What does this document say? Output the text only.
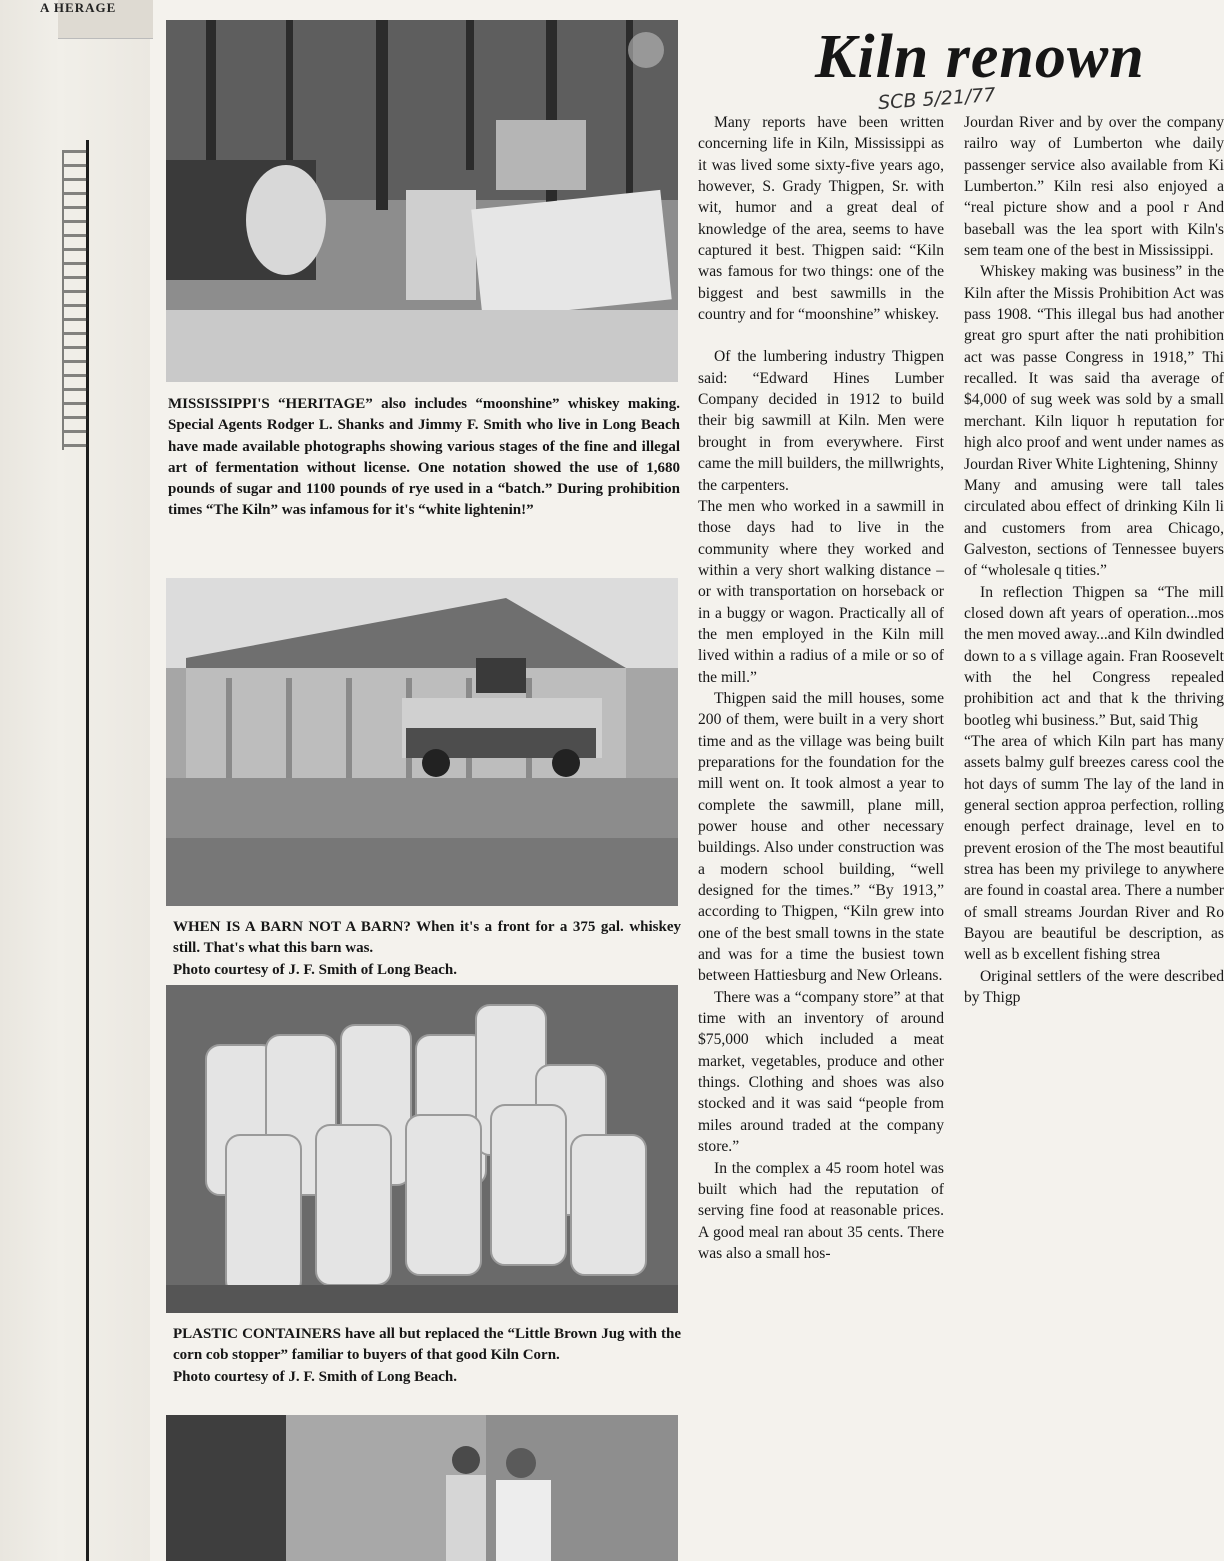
A HERAGE
MISSISSIPPI'S “HERITAGE” also includes “moonshine” whiskey making. Special Agents Rodger L. Shanks and Jimmy F. Smith who live in Long Beach have made available photographs showing various stages of the fine and illegal art of fermentation without license. One notation showed the use of 1,680 pounds of sugar and 1100 pounds of rye used in a “batch.” During prohibition times “The Kiln” was infamous for it's “white lightenin!”
WHEN IS A BARN NOT A BARN? When it's a front for a 375 gal. whiskey still. That's what this barn was.
Photo courtesy of J. F. Smith of Long Beach.
PLASTIC CONTAINERS have all but replaced the “Little Brown Jug with the corn cob stopper” familiar to buyers of that good Kiln Corn.
Photo courtesy of J. F. Smith of Long Beach.
Kiln renown
SCB 5/21/77

Many reports have been written concerning life in Kiln, Mississippi as it was lived some sixty-five years ago, however, S. Grady Thigpen, Sr. with wit, humor and a great deal of knowledge of the area, seems to have captured it best. Thigpen said: “Kiln was famous for two things: one of the biggest and best sawmills in the country and for “moonshine” whiskey.

Of the lumbering industry Thigpen said: “Edward Hines Lumber Company decided in 1912 to build their big sawmill at Kiln. Men were brought in from everywhere. First came the mill builders, the millwrights, the carpenters.

The men who worked in a sawmill in those days had to live in the community where they worked and within a very short walking distance – or with transportation on horseback or in a buggy or wagon. Practically all of the men employed in the Kiln mill lived within a radius of a mile or so of the mill.”

Thigpen said the mill houses, some 200 of them, were built in a very short time and as the village was being built preparations for the foundation for the mill went on. It took almost a year to complete the sawmill, plane mill, power house and other necessary buildings. Also under construction was a modern school building, “well designed for the times.” “By 1913,” according to Thigpen, “Kiln grew into one of the best small towns in the state and was for a time the busiest town between Hattiesburg and New Orleans.

There was a “company store” at that time with an inventory of around $75,000 which included a meat market, vegetables, produce and other things. Clothing and shoes was also stocked and it was said “people from miles around traded at the company store.”

In the complex a 45 room hotel was built which had the reputation of serving fine food at reasonable prices. A good meal ran about 35 cents. There was also a small hos-

Jourdan River and by over the company railro way of Lumberton whe daily passenger service also available from Ki Lumberton.” Kiln resi also enjoyed a “real picture show and a pool r And baseball was the lea sport with Kiln's sem team one of the best in Mississippi.

Whiskey making was business” in the Kiln after the Missis Prohibition Act was pass 1908. “This illegal bus had another great gro spurt after the nati prohibition act was passe Congress in 1918,” Thi recalled. It was said tha average of $4,000 of sug week was sold by a small merchant. Kiln liquor h reputation for high alco proof and went under names as Jourdan River White Lightening, Shinny

Many and amusing were tall tales circulated abou effect of drinking Kiln li and customers from area Chicago, Galveston, sections of Tennessee buyers of “wholesale q tities.”

In reflection Thigpen sa “The mill closed down aft years of operation...mos the men moved away...and Kiln dwindled down to a s village again. Fran Roosevelt with the hel Congress repealed prohibition act and that k the thriving bootleg whi business.” But, said Thig

“The area of which Kiln part has many assets balmy gulf breezes caress cool the hot days of summ The lay of the land in general section approa perfection, rolling enough perfect drainage, level en to prevent erosion of the The most beautiful strea has been my privilege to anywhere are found in coastal area. There a number of small streams Jourdan River and Ro Bayou are beautiful be description, as well as b excellent fishing strea

Original settlers of the were described by Thigp
